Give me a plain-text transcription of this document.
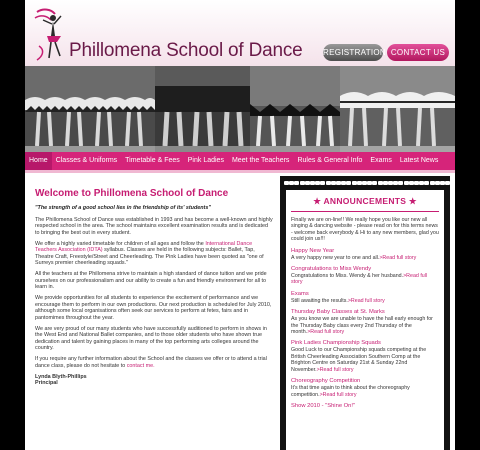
Phillomena School of Dance	REGISTRATION CONTACT US
Home	Classes & Uniforms	Timetable & Fees	Pink Ladies	Meet the Teachers	Rules & General Info	Exams	Latest News
Welcome to Phillomena School of Dance

"The strength of a good school lies in the friendship of its' students"

The Phillomena School of Dance was established in 1993 and has become a well-known and highly respected school in the area. The school maintains excellent examination results and is dedicated to bringing the best out in every student.

We offer a highly varied timetable for children of all ages and follow the International Dance Teachers Association (IDTA) syllabus. Classes are held in the following subjects: Ballet, Tap, Theatre Craft, Freestyle/Street and Cheerleading. The Pink Ladies have been quoted as "one of Surreys premier cheerleading squads."

All the teachers at the Phillomena strive to maintain a high standard of dance tuition and we pride ourselves on our professionalism and our ability to create a fun and friendly environment for all to learn in.

We provide opportunities for all students to experience the excitement of performance and we encourage them to perform in our own productions. Our next production is scheduled for July 2010, although some local organisations often seek our services to perform at fetes, fairs and in pantomimes throughout the year.

We are very proud of our many students who have successfully auditioned to perform in shows in the West End and National Ballet companies, and to those older students who have shown true dedication and talent by gaining places in many of the top performing arts colleges around the country.

If you require any further information about the School and the classes we offer or to attend a trial dance class, please do not hesitate to contact me.

Lynda Blyth-Phillips
Principal
★ ANNOUNCEMENTS ★
Finally we are on-line!! We really hope you like our new all singing & dancing website - please read on for this terms news - welcome back everybody & Hi to any new members, glad you could join us!!!
Happy New Year
A very happy new year to one and all.>Read full story
Congratulations to Miss Wendy
Congratulations to Miss. Wendy & her husband.>Read full story
Exams
Still awaiting the results.>Read full story
Thursday Baby Classes at St. Marks
As you know we are unable to have the hall early enough for the Thursday Baby class every 2nd Thursday of the month.>Read full story
Pink Ladies Championship Squads
Good Luck to our Championship squads competing at the British Cheerleading Association Southern Comp at the Brighton Centre on Saturday 21st & Sunday 22nd November.>Read full story
Choreography Competition
It's that time again to think about the choreography competition.>Read full story
Show 2010 - "Shine On!"
